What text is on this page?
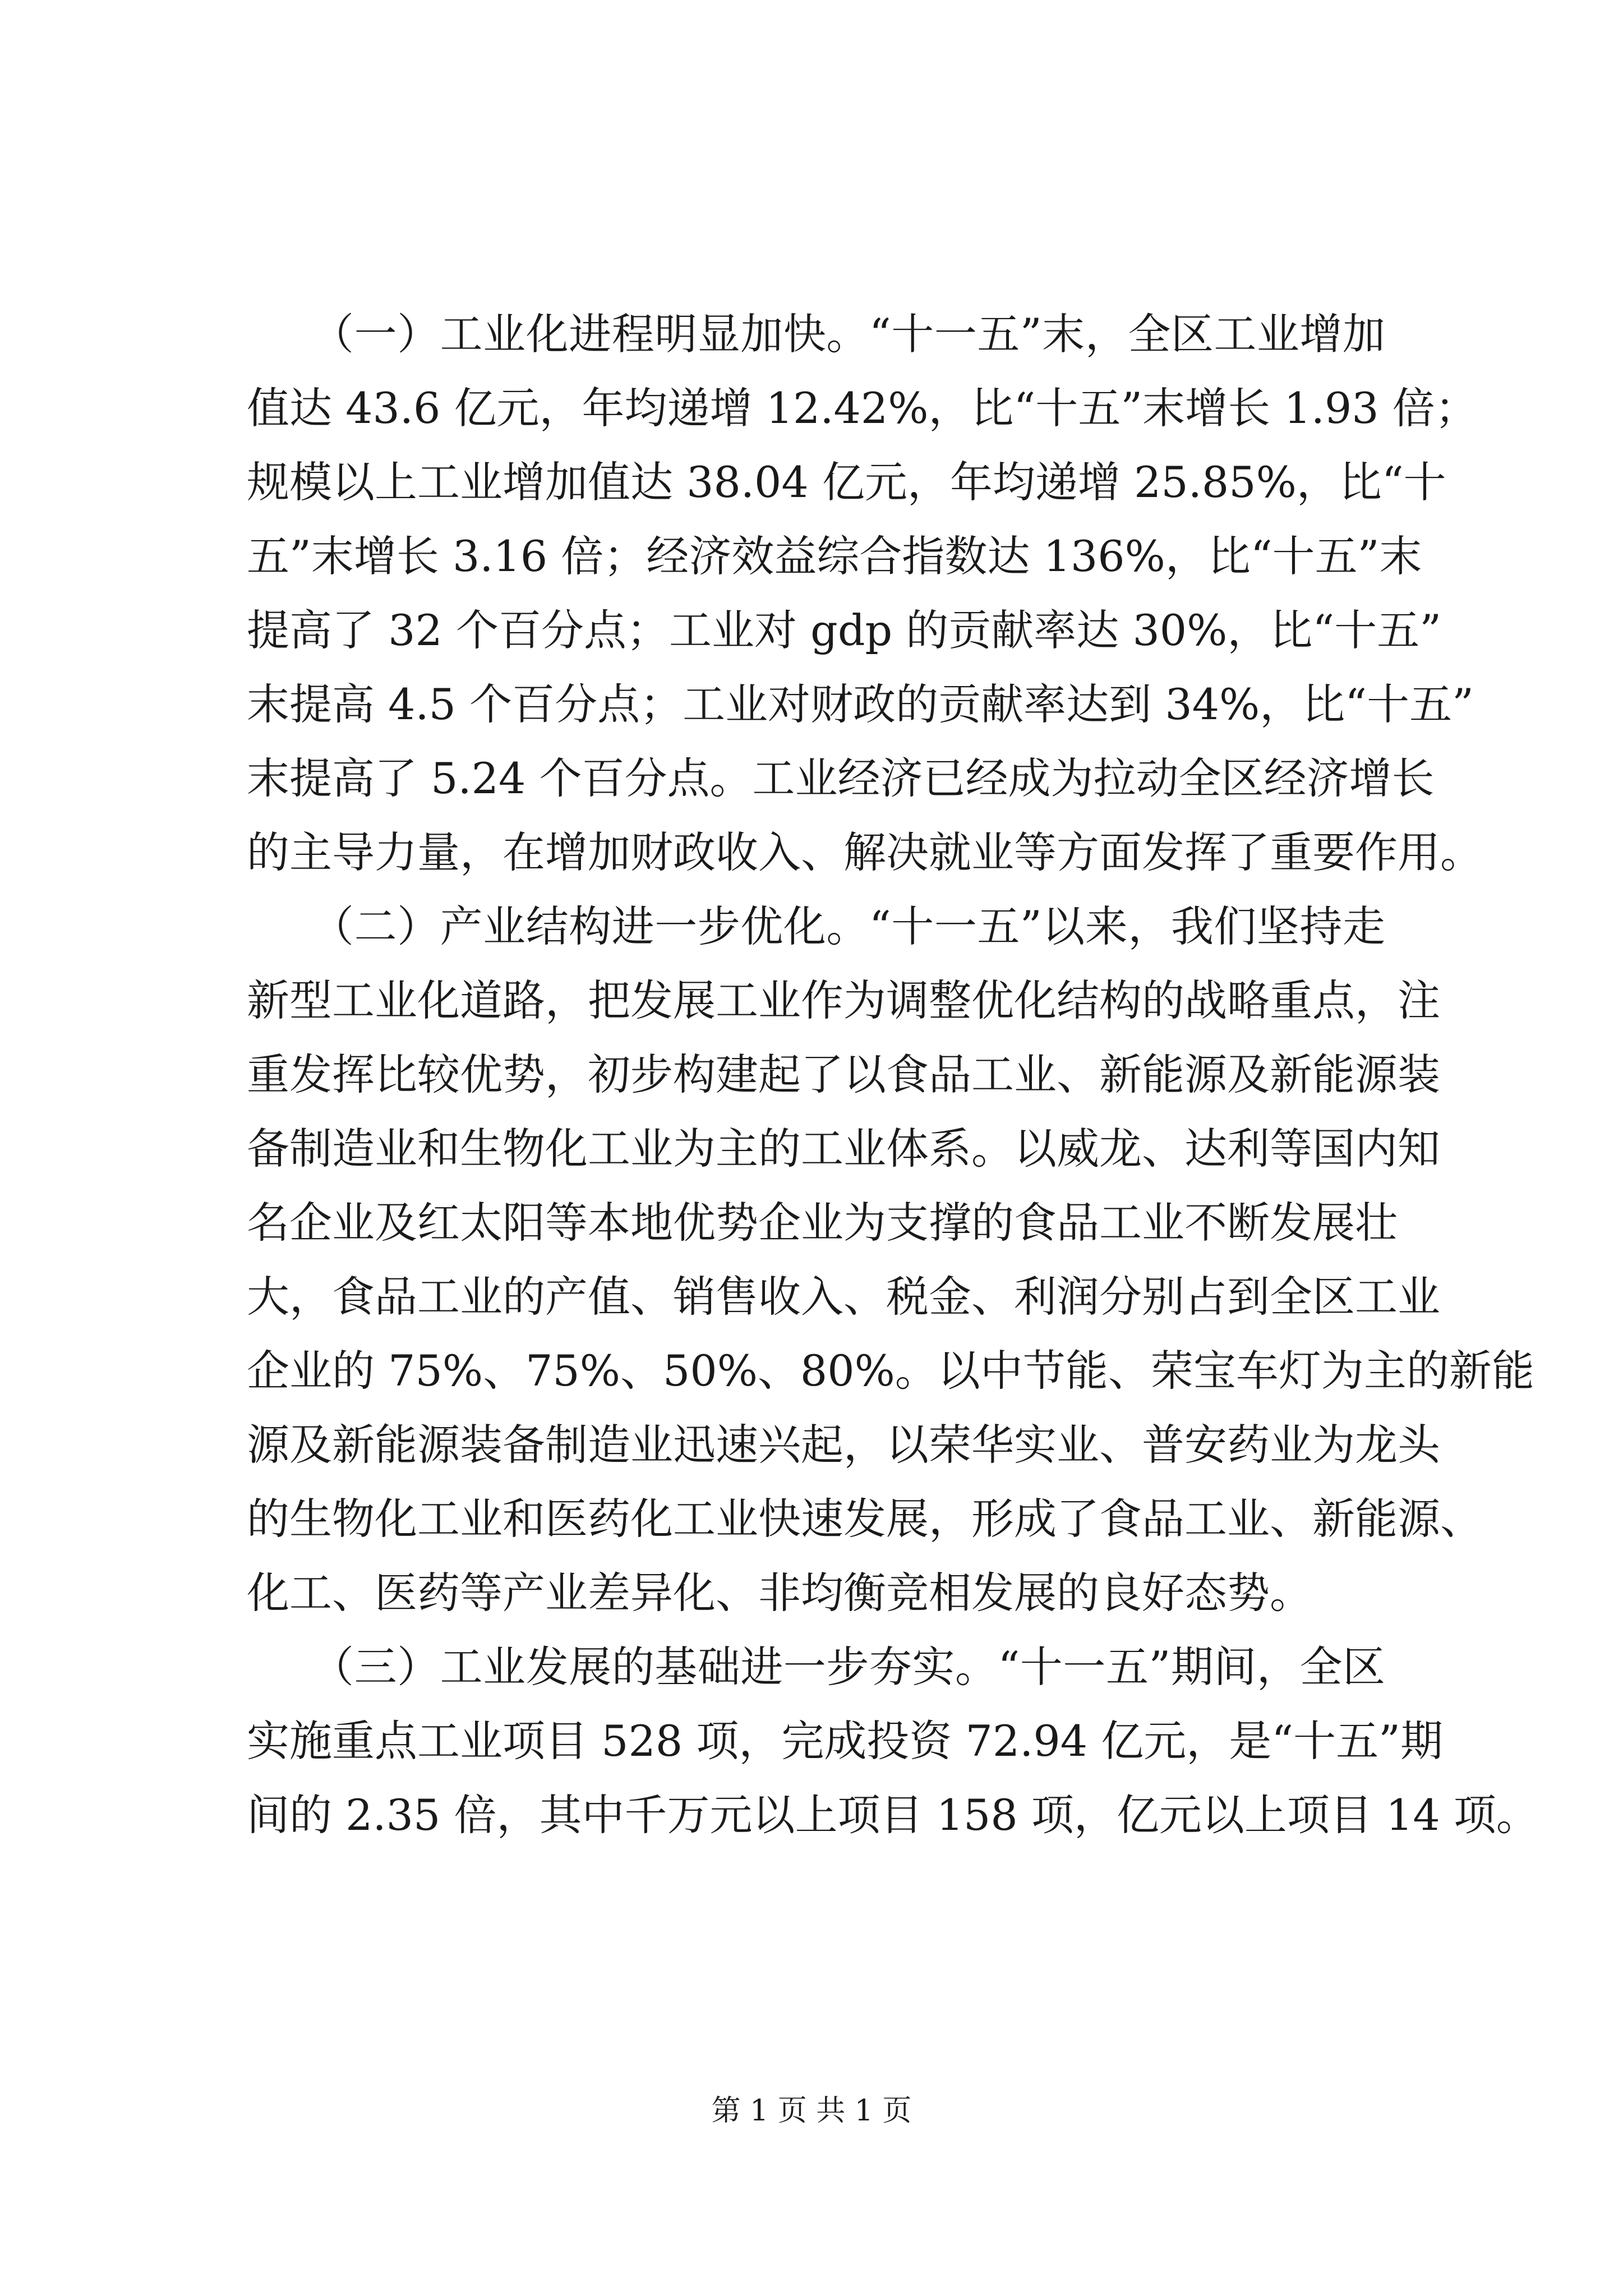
　　（一）工业化进程明显加快。“十一五”末，全区工业增加
值达 43.6 亿元，年均递增 12.42%，比“十五”末增长 1.93 倍；
规模以上工业增加值达 38.04 亿元，年均递增 25.85%，比“十
五”末增长 3.16 倍；经济效益综合指数达 136%，比“十五”末
提高了 32 个百分点；工业对 gdp 的贡献率达 30%，比“十五”
末提高 4.5 个百分点；工业对财政的贡献率达到 34%，比“十五”
末提高了 5.24 个百分点。工业经济已经成为拉动全区经济增长
的主导力量，在增加财政收入、解决就业等方面发挥了重要作用。
　　（二）产业结构进一步优化。“十一五”以来，我们坚持走
新型工业化道路，把发展工业作为调整优化结构的战略重点，注
重发挥比较优势，初步构建起了以食品工业、新能源及新能源装
备制造业和生物化工业为主的工业体系。以威龙、达利等国内知
名企业及红太阳等本地优势企业为支撑的食品工业不断发展壮
大，食品工业的产值、销售收入、税金、利润分别占到全区工业
企业的 75%、75%、50%、80%。以中节能、荣宝车灯为主的新能
源及新能源装备制造业迅速兴起，以荣华实业、普安药业为龙头
的生物化工业和医药化工业快速发展，形成了食品工业、新能源、
化工、医药等产业差异化、非均衡竞相发展的良好态势。
　　（三）工业发展的基础进一步夯实。“十一五”期间，全区
实施重点工业项目 528 项，完成投资 72.94 亿元，是“十五”期
间的 2.35 倍，其中千万元以上项目 158 项，亿元以上项目 14 项。
第 1 页 共 1 页
